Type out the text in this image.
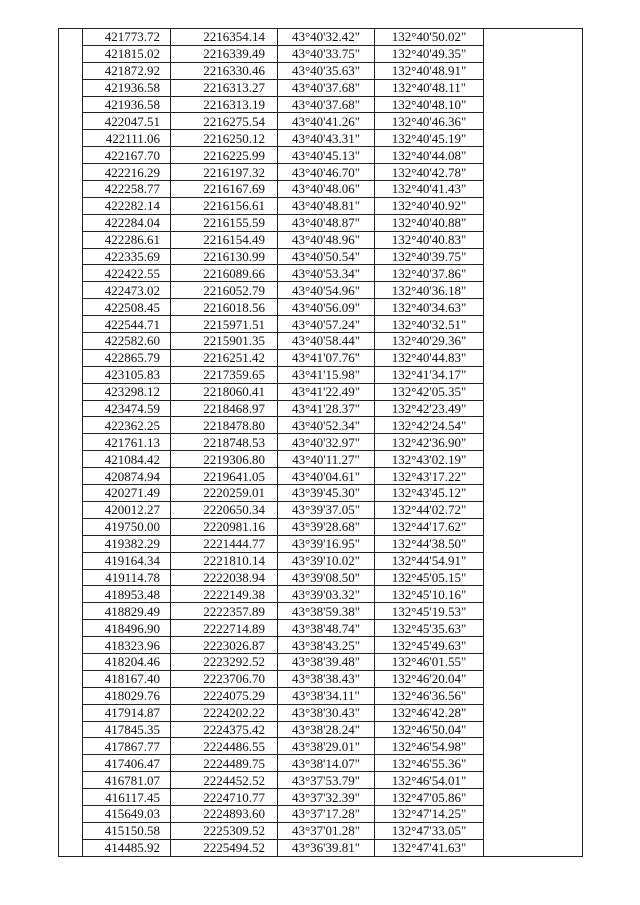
	421773.72	2216354.14	43°40'32.42"	132°40'50.02"	
	421815.02	2216339.49	43°40'33.75"	132°40'49.35"	
	421872.92	2216330.46	43°40'35.63"	132°40'48.91"	
	421936.58	2216313.27	43°40'37.68"	132°40'48.11"	
	421936.58	2216313.19	43°40'37.68"	132°40'48.10"	
	422047.51	2216275.54	43°40'41.26"	132°40'46.36"	
	422111.06	2216250.12	43°40'43.31"	132°40'45.19"	
	422167.70	2216225.99	43°40'45.13"	132°40'44.08"	
	422216.29	2216197.32	43°40'46.70"	132°40'42.78"	
	422258.77	2216167.69	43°40'48.06"	132°40'41.43"	
	422282.14	2216156.61	43°40'48.81"	132°40'40.92"	
	422284.04	2216155.59	43°40'48.87"	132°40'40.88"	
	422286.61	2216154.49	43°40'48.96"	132°40'40.83"	
	422335.69	2216130.99	43°40'50.54"	132°40'39.75"	
	422422.55	2216089.66	43°40'53.34"	132°40'37.86"	
	422473.02	2216052.79	43°40'54.96"	132°40'36.18"	
	422508.45	2216018.56	43°40'56.09"	132°40'34.63"	
	422544.71	2215971.51	43°40'57.24"	132°40'32.51"	
	422582.60	2215901.35	43°40'58.44"	132°40'29.36"	
	422865.79	2216251.42	43°41'07.76"	132°40'44.83"	
	423105.83	2217359.65	43°41'15.98"	132°41'34.17"	
	423298.12	2218060.41	43°41'22.49"	132°42'05.35"	
	423474.59	2218468.97	43°41'28.37"	132°42'23.49"	
	422362.25	2218478.80	43°40'52.34"	132°42'24.54"	
	421761.13	2218748.53	43°40'32.97"	132°42'36.90"	
	421084.42	2219306.80	43°40'11.27"	132°43'02.19"	
	420874.94	2219641.05	43°40'04.61"	132°43'17.22"	
	420271.49	2220259.01	43°39'45.30"	132°43'45.12"	
	420012.27	2220650.34	43°39'37.05"	132°44'02.72"	
	419750.00	2220981.16	43°39'28.68"	132°44'17.62"	
	419382.29	2221444.77	43°39'16.95"	132°44'38.50"	
	419164.34	2221810.14	43°39'10.02"	132°44'54.91"	
	419114.78	2222038.94	43°39'08.50"	132°45'05.15"	
	418953.48	2222149.38	43°39'03.32"	132°45'10.16"	
	418829.49	2222357.89	43°38'59.38"	132°45'19.53"	
	418496.90	2222714.89	43°38'48.74"	132°45'35.63"	
	418323.96	2223026.87	43°38'43.25"	132°45'49.63"	
	418204.46	2223292.52	43°38'39.48"	132°46'01.55"	
	418167.40	2223706.70	43°38'38.43"	132°46'20.04"	
	418029.76	2224075.29	43°38'34.11"	132°46'36.56"	
	417914.87	2224202.22	43°38'30.43"	132°46'42.28"	
	417845.35	2224375.42	43°38'28.24"	132°46'50.04"	
	417867.77	2224486.55	43°38'29.01"	132°46'54.98"	
	417406.47	2224489.75	43°38'14.07"	132°46'55.36"	
	416781.07	2224452.52	43°37'53.79"	132°46'54.01"	
	416117.45	2224710.77	43°37'32.39"	132°47'05.86"	
	415649.03	2224893.60	43°37'17.28"	132°47'14.25"	
	415150.58	2225309.52	43°37'01.28"	132°47'33.05"	
	414485.92	2225494.52	43°36'39.81"	132°47'41.63"	
